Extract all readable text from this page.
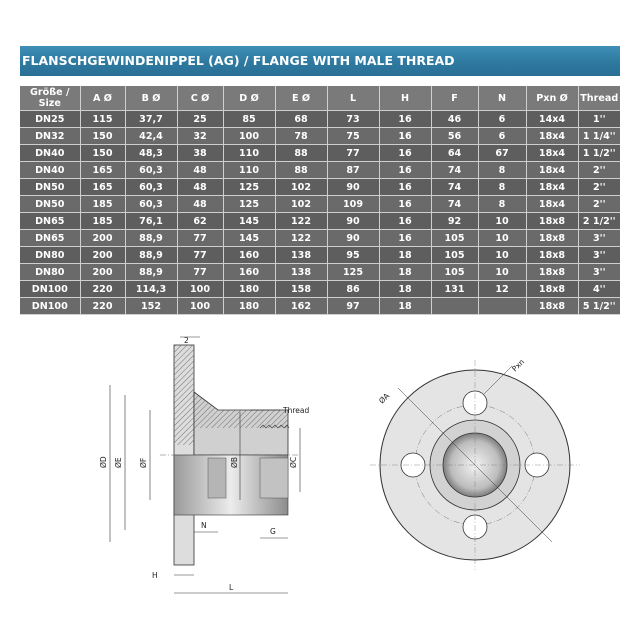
FLANSCHGEWINDENIPPEL (AG) / FLANGE WITH MALE THREAD
Größe /
Size	A Ø	B Ø	C Ø	D Ø	E Ø	L	H	F	N	Pxn Ø	Thread
DN25	115	37,7	25	85	68	73	16	46	6	14x4	1''
DN32	150	42,4	32	100	78	75	16	56	6	18x4	1 1/4''
DN40	150	48,3	38	110	88	77	16	64	67	18x4	1 1/2''
DN40	165	60,3	48	110	88	87	16	74	8	18x4	2''
DN50	165	60,3	48	125	102	90	16	74	8	18x4	2''
DN50	185	60,3	48	125	102	109	16	74	8	18x4	2''
DN65	185	76,1	62	145	122	90	16	92	10	18x8	2 1/2''
DN65	200	88,9	77	145	122	90	16	105	10	18x8	3''
DN80	200	88,9	77	160	138	95	18	105	10	18x8	3''
DN80	200	88,9	77	160	138	125	18	105	10	18x8	3''
DN100	220	114,3	100	180	158	86	18	131	12	18x8	4''
DN100	220	152	100	180	162	97	18			18x8	5 1/2''
2
Thread
ØD ØE ØF	ØB	ØC
N
G
H
L
ØA
Pxn
